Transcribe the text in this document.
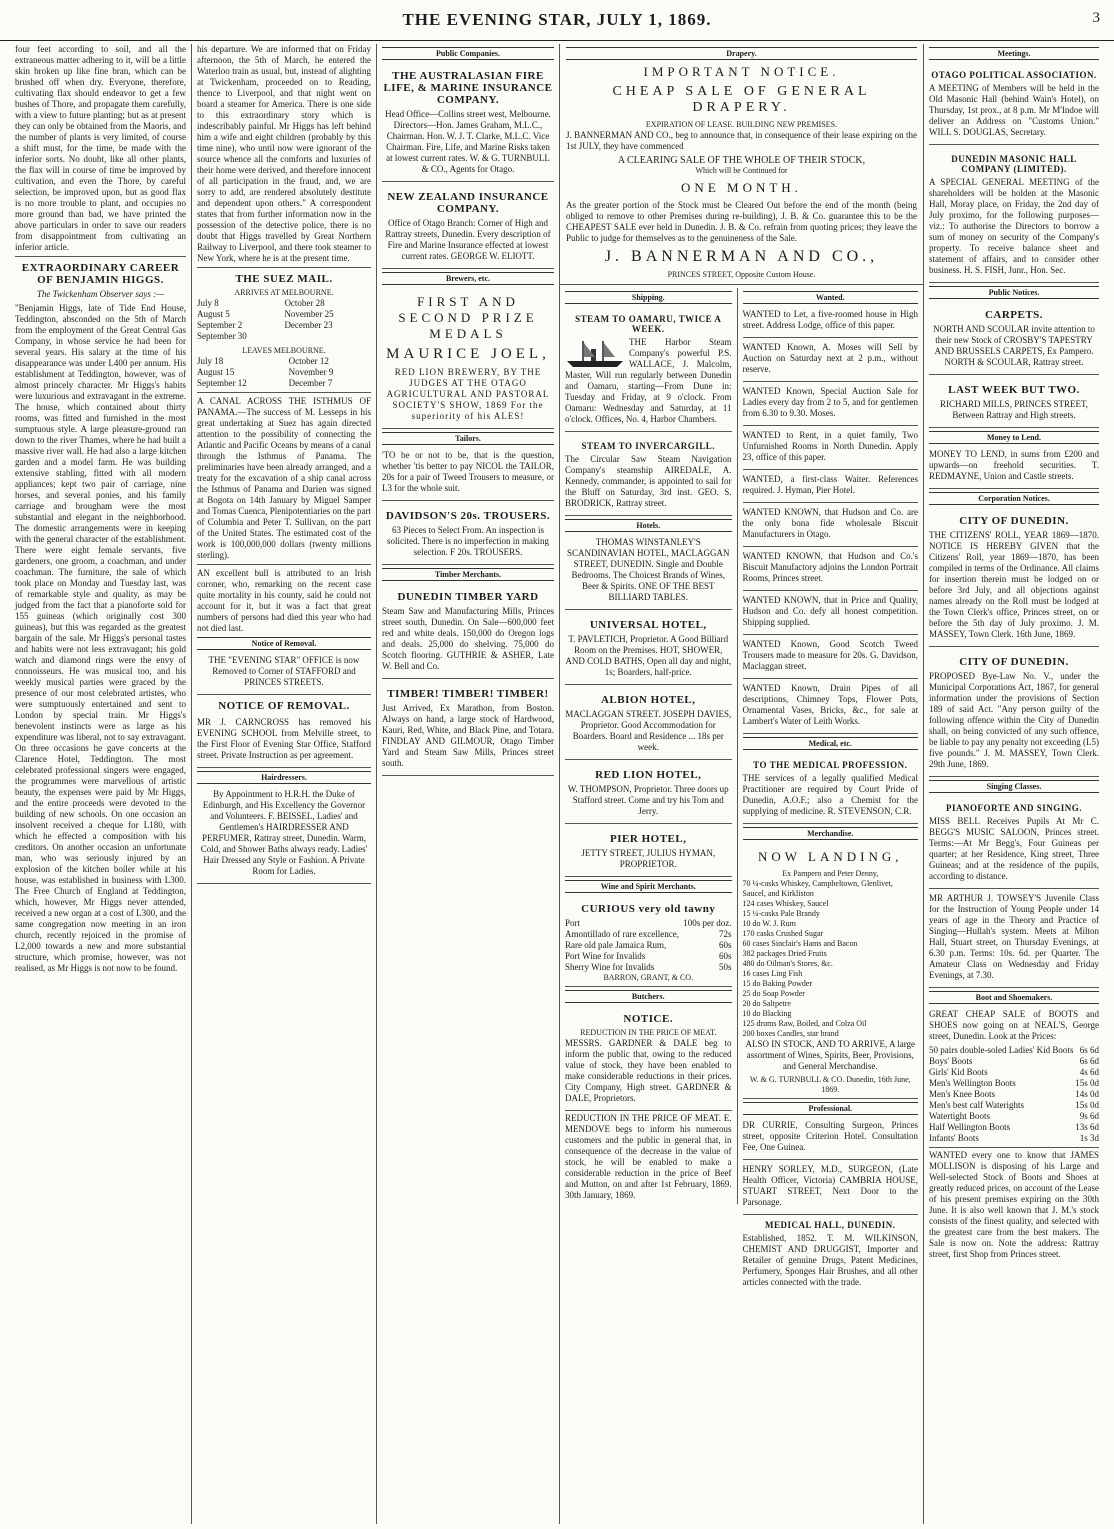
THE EVENING STAR, JULY 1, 1869.	3

four feet according to soil, and all the extraneous matter adhering to it, will be a little skin broken up like fine bran, which can be brushed off when dry. Everyone, therefore, cultivating flax should endeavor to get a few bushes of Thore, and propagate them carefully, with a view to future planting; but as at present they can only be obtained from the Maoris, and the number of plants is very limited, of course a shift must, for the time, be made with the inferior sorts. No doubt, like all other plants, the flax will in course of time be improved by cultivation, and even the Thore, by careful selection, be improved upon, but as good flax is no more trouble to plant, and occupies no more ground than bad, we have printed the above particulars in order to save our readers from disappointment from cultivating an inferior article.

EXTRAORDINARY CAREER OF BENJAMIN HIGGS.

The Twickenham Observer says :—

"Benjamin Higgs, late of Tide End House, Teddington, absconded on the 5th of March from the employment of the Great Central Gas Company, in whose service he had been for several years. His salary at the time of his disappearance was under L400 per annum. His establishment at Teddington, however, was of almost princely character. Mr Higgs's habits were luxurious and extravagant in the extreme. The house, which contained about thirty rooms, was fitted and furnished in the most sumptuous style. A large pleasure-ground ran down to the river Thames, where he had built a massive river wall. He had also a large kitchen garden and a model farm. He was building extensive stabling, fitted with all modern appliances; kept two pair of carriage, nine horses, and several ponies, and his family carriage and brougham were the most substantial and elegant in the neighborhood. The domestic arrangements were in keeping with the general character of the establishment. There were eight female servants, five gardeners, one groom, a coachman, and under coachman. The furniture, the sale of which took place on Monday and Tuesday last, was of remarkable style and quality, as may be judged from the fact that a pianoforte sold for 155 guineas (which originally cost 300 guineas), but this was regarded as the greatest bargain of the sale. Mr Higgs's personal tastes and habits were not less extravagant; his gold watch and diamond rings were the envy of connoisseurs. He was musical too, and his weekly musical parties were graced by the presence of our most celebrated artistes, who were sumptuously entertained and sent to London by special train. Mr Higgs's benevolent instincts were as large as his expenditure was liberal, not to say extravagant. On three occasions he gave concerts at the Clarence Hotel, Teddington. The most celebrated professional singers were engaged, the programmes were marvellous of artistic beauty, the expenses were paid by Mr Higgs, and the entire proceeds were devoted to the building of new schools. On one occasion an insolvent received a cheque for L180, with which he effected a composition with his creditors. On another occasion an unfortunate man, who was seriously injured by an explosion of the kitchen boiler while at his house, was established in business with L300. The Free Church of England at Teddington, which, however, Mr Higgs never attended, received a new organ at a cost of L300, and the same congregation now meeting in an iron church, recently rejoiced in the promise of L2,000 towards a new and more substantial structure, which promise, however, was not realised, as Mr Higgs is not now to be found.

his departure. We are informed that on Friday afternoon, the 5th of March, he entered the Waterloo train as usual, but, instead of alighting at Twickenham, proceeded on to Reading, thence to Liverpool, and that night went on board a steamer for America. There is one side to this extraordinary story which is indescribably painful. Mr Higgs has left behind him a wife and eight children (probably by this time nine), who until now were ignorant of the source whence all the comforts and luxuries of their home were derived, and therefore innocent of all participation in the fraud, and, we are sorry to add, are rendered absolutely destitute and dependent upon others." A correspondent states that from further information now in the possession of the detective police, there is no doubt that Higgs travelled by Great Northern Railway to Liverpool, and there took steamer to New York, where he is at the present time.

THE SUEZ MAIL.
ARRIVES AT MELBOURNE.
July 8	October 28
August 5	November 25
September 2	December 23
September 30	
LEAVES MELBOURNE.
July 18	October 12
August 15	November 9
September 12	December 7

A CANAL ACROSS THE ISTHMUS OF PANAMA.—The success of M. Lesseps in his great undertaking at Suez has again directed attention to the possibility of connecting the Atlantic and Pacific Oceans by means of a canal through the Isthmus of Panama. The preliminaries have been already arranged, and a treaty for the excavation of a ship canal across the Isthmus of Panama and Darien was signed at Bogota on 14th January by Miguel Samper and Tomas Cuenca, Plenipotentiaries on the part of Columbia and Peter T. Sullivan, on the part of the United States. The estimated cost of the work is 100,000,000 dollars (twenty millions sterling).

AN excellent bull is attributed to an Irish coroner, who, remarking on the recent case quite mortality in his county, said he could not account for it, but it was a fact that great numbers of persons had died this year who had not died last.

Notice of Removal.

THE "EVENING STAR" OFFICE is now Removed to Corner of STAFFORD and PRINCES STREETS.

NOTICE OF REMOVAL.

MR J. CARNCROSS has removed his EVENING SCHOOL from Melville street, to the First Floor of Evening Star Office, Stafford street. Private Instruction as per agreement.

Hairdressers.

By Appointment to H.R.H. the Duke of Edinburgh, and His Excellency the Governor and Volunteers. F. BEISSEL, Ladies' and Gentlemen's HAIRDRESSER AND PERFUMER, Rattray street, Dunedin. Warm, Cold, and Shower Baths always ready. Ladies' Hair Dressed any Style or Fashion. A Private Room for Ladies.

Public Companies.
THE AUSTRALASIAN FIRE LIFE, & MARINE INSURANCE COMPANY.

Head Office—Collins street west, Melbourne. Directors—Hon. James Graham, M.L.C., Chairman. Hon. W. J. T. Clarke, M.L.C. Vice Chairman. Fire, Life, and Marine Risks taken at lowest current rates. W. & G. TURNBULL & CO., Agents for Otago.

NEW ZEALAND INSURANCE COMPANY.

Office of Otago Branch: Corner of High and Rattray streets, Dunedin. Every description of Fire and Marine Insurance effected at lowest current rates. GEORGE W. ELIOTT.

Brewers, etc.
FIRST AND SECOND PRIZE MEDALS
MAURICE JOEL,

RED LION BREWERY, BY THE JUDGES AT THE OTAGO AGRICULTURAL AND PASTORAL SOCIETY'S SHOW, 1869 For the superiority of his ALES!

Tailors.

'TO be or not to be, that is the question, whether 'tis better to pay NICOL the TAILOR, 20s for a pair of Tweed Trousers to measure, or L3 for the whole suit.

DAVIDSON'S 20s. TROUSERS.

63 Pieces to Select From. An inspection is solicited. There is no imperfection in making selection. F 20s. TROUSERS.

Timber Merchants.
DUNEDIN TIMBER YARD

Steam Saw and Manufacturing Mills, Princes street south, Dunedin. On Sale—600,000 feet red and white deals. 150,000 do Oregon logs and deals. 25,000 do shelving. 75,000 do Scotch flooring. GUTHRIE & ASHER, Late W. Bell and Co.

TIMBER! TIMBER! TIMBER!

Just Arrived, Ex Marathon, from Boston. Always on hand, a large stock of Hardwood, Kauri, Red, White, and Black Pine, and Totara. FINDLAY AND GILMOUR, Otago Timber Yard and Steam Saw Mills, Princes street south.

Drapery.
IMPORTANT NOTICE.
CHEAP SALE OF GENERAL DRAPERY.
EXPIRATION OF LEASE. BUILDING NEW PREMISES.

J. BANNERMAN AND CO., beg to announce that, in consequence of their lease expiring on the 1st JULY, they have commenced

A CLEARING SALE OF THE WHOLE OF THEIR STOCK,
Which will be Continued for
ONE MONTH.

As the greater portion of the Stock must be Cleared Out before the end of the month (being obliged to remove to other Premises during re-building), J. B. & Co. guarantee this to be the CHEAPEST SALE ever held in Dunedin. J. B. & Co. refrain from quoting prices; they leave the Public to judge for themselves as to the genuineness of the Sale.

J. BANNERMAN AND CO.,
PRINCES STREET, Opposite Custom House.
Shipping.
STEAM TO OAMARU, TWICE A WEEK.

THE Harbor Steam Company's powerful P.S. WALLACE, J. Malcolm, Master, Will run regularly between Dunedin and Oamaru, starting—From Dune in: Tuesday and Friday, at 9 o'clock. From Oamaru: Wednesday and Saturday, at 11 o'clock. Offices, No. 4, Harbor Chambers.

STEAM TO INVERCARGILL.

The Circular Saw Steam Navigation Company's steamship AIREDALE, A. Kennedy, commander, is appointed to sail for the Bluff on Saturday, 3rd inst. GEO. S. BRODRICK, Rattray street.

Hotels.

THOMAS WINSTANLEY'S SCANDINAVIAN HOTEL, MACLAGGAN STREET, DUNEDIN. Single and Double Bedrooms. The Choicest Brands of Wines, Beer & Spirits. ONE OF THE BEST BILLIARD TABLES.

UNIVERSAL HOTEL,

T. PAVLETICH, Proprietor. A Good Billiard Room on the Premises. HOT, SHOWER, AND COLD BATHS, Open all day and night, 1s; Boarders, half-price.

ALBION HOTEL,

MACLAGGAN STREET. JOSEPH DAVIES, Proprietor. Good Accommodation for Boarders. Board and Residence ... 18s per week.

RED LION HOTEL,

W. THOMPSON, Proprietor. Three doors up Stafford street. Come and try his Tom and Jerry.

PIER HOTEL,

JETTY STREET, JULIUS HYMAN, PROPRIETOR.

Wine and Spirit Merchants.
CURIOUS very old tawny
Port	100s per doz.
Amontillado of rare excellence,	72s
Rare old pale Jamaica Rum,	60s
Port Wine for Invalids	60s
Sherry Wine for Invalids	50s
BARRON, GRANT, & CO.
Butchers.
NOTICE.
REDUCTION IN THE PRICE OF MEAT.

MESSRS. GARDNER & DALE beg to inform the public that, owing to the reduced value of stock, they have been enabled to make considerable reductions in their prices. City Company, High street. GARDNER & DALE, Proprietors.

REDUCTION IN THE PRICE OF MEAT. E. MENDOVE begs to inform his numerous customers and the public in general that, in consequence of the decrease in the value of stock, he will be enabled to make a considerable reduction in the price of Beef and Mutton, on and after 1st February, 1869. 30th January, 1869.

Wanted.

WANTED to Let, a five-roomed house in High street. Address Lodge, office of this paper.

WANTED Known, A. Moses will Sell by Auction on Saturday next at 2 p.m., without reserve.

WANTED Known, Special Auction Sale for Ladies every day from 2 to 5, and for gentlemen from 6.30 to 9.30. Moses.

WANTED to Rent, in a quiet family, Two Unfurnished Rooms in North Dunedin. Apply 23, office of this paper.

WANTED, a first-class Waiter. References required. J. Hyman, Pier Hotel.

WANTED KNOWN, that Hudson and Co. are the only bona fide wholesale Biscuit Manufacturers in Otago.

WANTED KNOWN, that Hudson and Co.'s Biscuit Manufactory adjoins the London Portrait Rooms, Princes street.

WANTED KNOWN, that in Price and Quality, Hudson and Co. defy all honest competition. Shipping supplied.

WANTED Known, Good Scotch Tweed Trousers made to measure for 20s. G. Davidson, Maclaggan street.

WANTED Known, Drain Pipes of all descriptions, Chimney Tops, Flower Pots, Ornamental Vases, Bricks, &c., for sale at Lambert's Water of Leith Works.

Medical, etc.
TO THE MEDICAL PROFESSION.

THE services of a legally qualified Medical Practitioner are required by Court Pride of Dunedin, A.O.F.; also a Chemist for the supplying of medicine. R. STEVENSON, C.R.

Merchandise.
NOW LANDING,
Ex Pampero and Peter Denny,
70 ¼-casks Whiskey, Campbeltown, Glenlivet, Saucel, and Kirkliston
124 cases Whiskey, Saucel
15 ¼-casks Pale Brandy
10 do W. J. Rum
170 casks Crushed Sugar
60 cases Sinclair's Hams and Bacon
382 packages Dried Fruits
480 do Oilman's Stores, &c.
16 cases Ling Fish
15 do Baking Powder
25 do Soap Powder
20 do Saltpetre
10 do Blacking
125 drums Raw, Boiled, and Colza Oil
200 boxes Candles, star brand

ALSO IN STOCK, AND TO ARRIVE, A large assortment of Wines, Spirits, Beer, Provisions, and General Merchandise.

W. & G. TURNBULL & CO. Dunedin, 16th June, 1869.
Professional.

DR CURRIE, Consulting Surgeon, Princes street, opposite Criterion Hotel. Consultation Fee, One Guinea.

HENRY SORLEY, M.D., SURGEON, (Late Health Officer, Victoria) CAMBRIA HOUSE, STUART STREET, Next Door to the Parsonage.

MEDICAL HALL, DUNEDIN.

Established, 1852. T. M. WILKINSON, CHEMIST AND DRUGGIST, Importer and Retailer of genuine Drugs, Patent Medicines, Perfumery, Sponges Hair Brushes, and all other articles connected with the trade.

Meetings.
OTAGO POLITICAL ASSOCIATION.

A MEETING of Members will be held in the Old Masonic Hall (behind Wain's Hotel), on Thursday, 1st prox., at 8 p.m. Mr M'Indoe will deliver an Address on "Customs Union." WILL S. DOUGLAS, Secretary.

DUNEDIN MASONIC HALL COMPANY (LIMITED).

A SPECIAL GENERAL MEETING of the shareholders will be holden at the Masonic Hall, Moray place, on Friday, the 2nd day of July proximo, for the following purposes—viz.: To authorise the Directors to borrow a sum of money on security of the Company's property. To receive balance sheet and statement of affairs, and to consider other business. H. S. FISH, Junr., Hon. Sec.

Public Notices.
CARPETS.

NORTH AND SCOULAR invite attention to their new Stock of CROSBY'S TAPESTRY AND BRUSSELS CARPETS, Ex Pampero. NORTH & SCOULAR, Rattray street.

LAST WEEK BUT TWO.

RICHARD MILLS, PRINCES STREET, Between Rattray and High streets.

Money to Lend.

MONEY TO LEND, in sums from £200 and upwards—on freehold securities. T. REDMAYNE, Union and Castle streets.

Corporation Notices.
CITY OF DUNEDIN.

THE CITIZENS' ROLL, YEAR 1869—1870. NOTICE IS HEREBY GIVEN that the Citizens' Roll, year 1869—1870, has been compiled in terms of the Ordinance. All claims for insertion therein must be lodged on or before 3rd July, and all objections against names already on the Roll must be lodged at the Town Clerk's office, Princes street, on or before the 5th day of July proximo. J. M. MASSEY, Town Clerk. 16th June, 1869.

CITY OF DUNEDIN.

PROPOSED Bye-Law No. V., under the Municipal Corporations Act, 1867, for general information under the provisions of Section 189 of said Act. "Any person guilty of the following offence within the City of Dunedin shall, on being convicted of any such offence, be liable to pay any penalty not exceeding (L5) five pounds." J. M. MASSEY, Town Clerk. 29th June, 1869.

Singing Classes.
PIANOFORTE AND SINGING.

MISS BELL Receives Pupils At Mr C. BEGG'S MUSIC SALOON, Princes street. Terms:—At Mr Begg's, Four Guineas per quarter; at her Residence, King street, Three Guineas; and at the residence of the pupils, according to distance.

MR ARTHUR J. TOWSEY'S Juvenile Class for the Instruction of Young People under 14 years of age in the Theory and Practice of Singing—Hullah's system. Meets at Milton Hall, Stuart street, on Thursday Evenings, at 6.30 p.m. Terms: 10s. 6d. per Quarter. The Amateur Class on Wednesday and Friday Evenings, at 7.30.

Boot and Shoemakers.

GREAT CHEAP SALE of BOOTS and SHOES now going on at NEAL'S, George street, Dunedin. Look at the Prices:

50 pairs double-soled Ladies' Kid Boots	6s 6d
Boys' Boots	6s 6d
Girls' Kid Boots	4s 6d
Men's Wellington Boots	15s 0d
Men's Knee Boots	14s 0d
Men's best calf Waterights	15s 0d
Watertight Boots	9s 6d
Half Wellington Boots	13s 6d
Infants' Boots	1s 3d

WANTED every one to know that JAMES MOLLISON is disposing of his Large and Well-selected Stock of Boots and Shoes at greatly reduced prices, on account of the Lease of his present premises expiring on the 30th June. It is also well known that J. M.'s stock consists of the finest quality, and selected with the greatest care from the best makers. The Sale is now on. Note the address: Rattray street, first Shop from Princes street.
